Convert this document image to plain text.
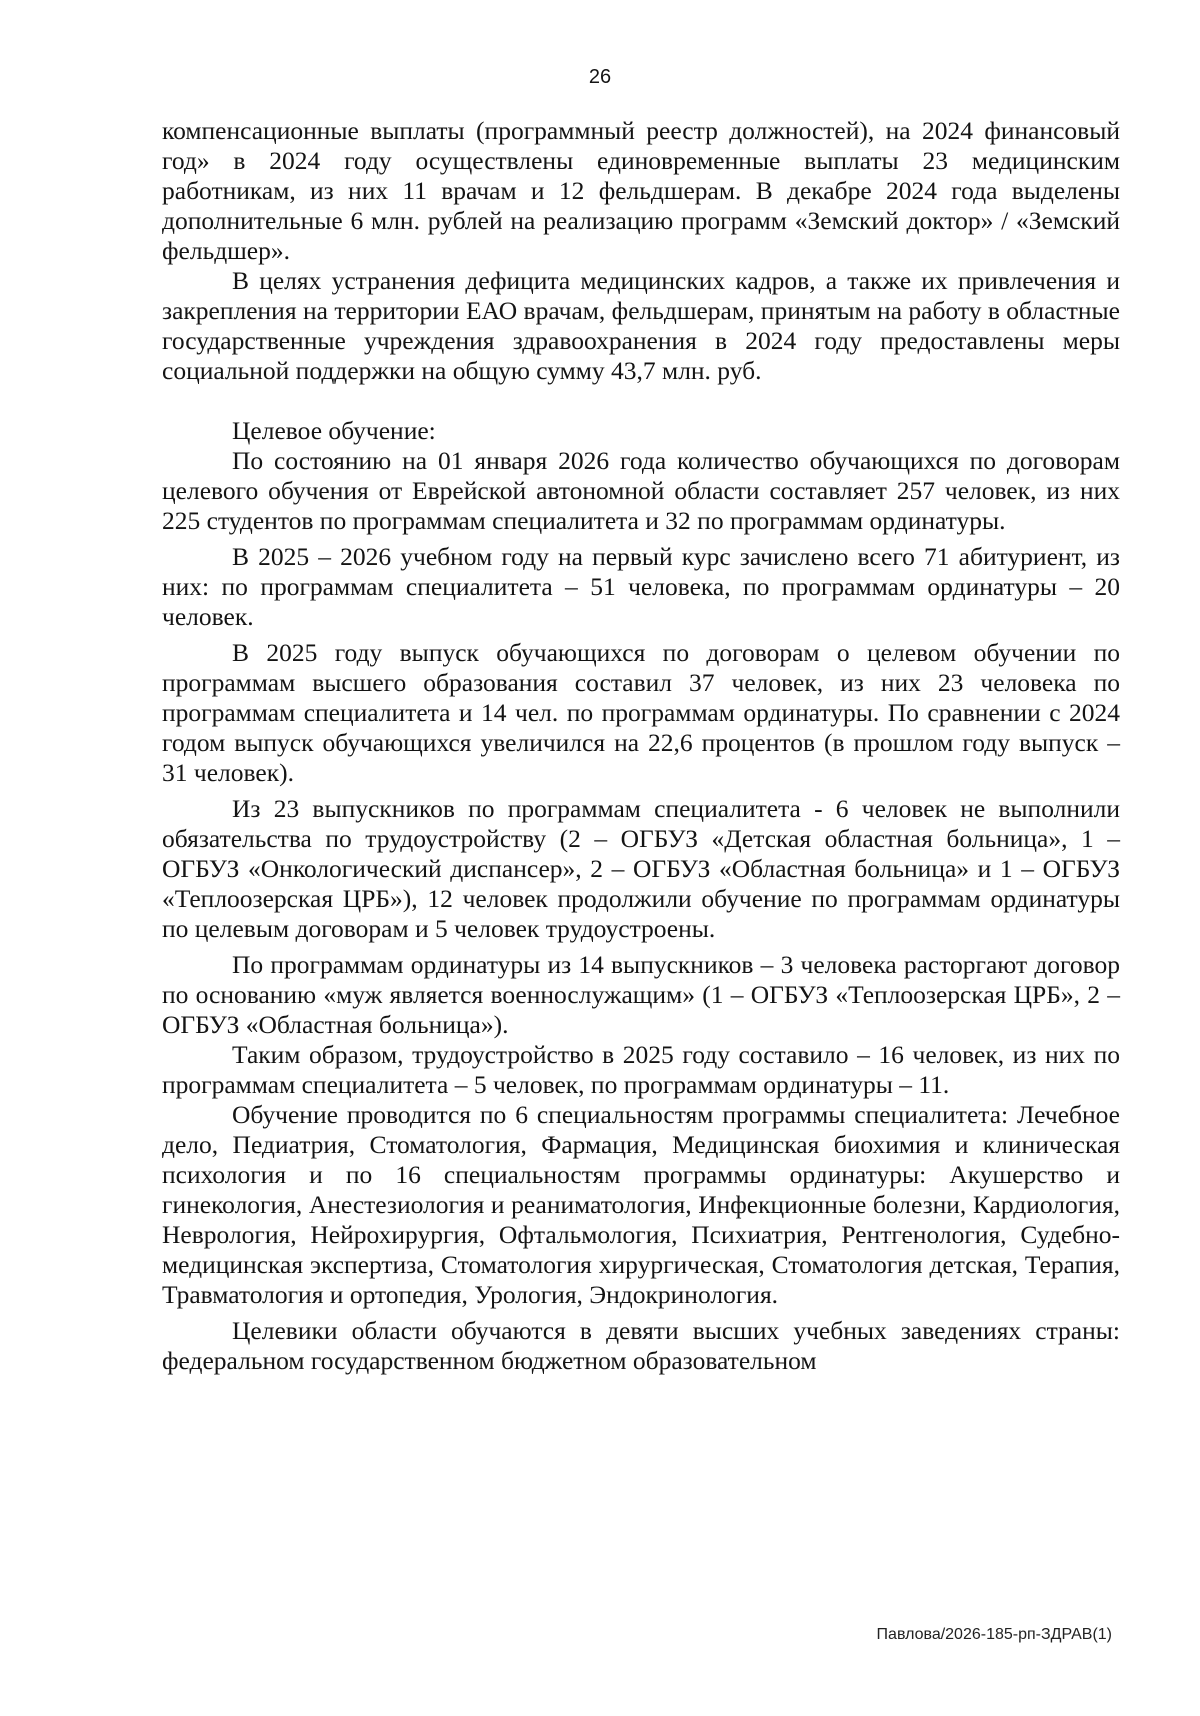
26

компенсационные выплаты (программный реестр должностей), на 2024 финансовый год» в 2024 году осуществлены единовременные выплаты 23 медицинским работникам, из них 11 врачам и 12 фельдшерам. В декабре 2024 года выделены дополнительные 6 млн. рублей на реализацию программ «Земский доктор» / «Земский фельдшер».

В целях устранения дефицита медицинских кадров, а также их привлечения и закрепления на территории ЕАО врачам, фельдшерам, принятым на работу в областные государственные учреждения здравоохранения в 2024 году предоставлены меры социальной поддержки на общую сумму 43,7 млн. руб.

Целевое обучение:

По состоянию на 01 января 2026 года количество обучающихся по договорам целевого обучения от Еврейской автономной области составляет 257 человек, из них 225 студентов по программам специалитета и 32 по программам ординатуры.

В 2025 – 2026 учебном году на первый курс зачислено всего 71 абитуриент, из них: по программам специалитета – 51 человека, по программам ординатуры – 20 человек.

В 2025 году выпуск обучающихся по договорам о целевом обучении по программам высшего образования составил 37 человек, из них 23 человека по программам специалитета и 14 чел. по программам ординатуры. По сравнении с 2024 годом выпуск обучающихся увеличился на 22,6 процентов (в прошлом году выпуск – 31 человек).

Из 23 выпускников по программам специалитета - 6 человек не выполнили обязательства по трудоустройству (2 – ОГБУЗ «Детская областная больница», 1 – ОГБУЗ «Онкологический диспансер», 2 – ОГБУЗ «Областная больница» и 1 – ОГБУЗ «Теплоозерская ЦРБ»), 12 человек продолжили обучение по программам ординатуры по целевым договорам и 5 человек трудоустроены.

По программам ординатуры из 14 выпускников – 3 человека расторгают договор по основанию «муж является военнослужащим» (1 – ОГБУЗ «Теплоозерская ЦРБ», 2 – ОГБУЗ «Областная больница»).

Таким образом, трудоустройство в 2025 году составило – 16 человек, из них по программам специалитета – 5 человек, по программам ординатуры – 11.

Обучение проводится по 6 специальностям программы специалитета: Лечебное дело, Педиатрия, Стоматология, Фармация, Медицинская биохимия и клиническая психология и по 16 специальностям программы ординатуры: Акушерство и гинекология, Анестезиология и реаниматология, Инфекционные болезни, Кардиология, Неврология, Нейрохирургия, Офтальмология, Психиатрия, Рентгенология, Судебно-медицинская экспертиза, Стоматология хирургическая, Стоматология детская, Терапия, Травматология и ортопедия, Урология, Эндокринология.

Целевики области обучаются в девяти высших учебных заведениях страны: федеральном государственном бюджетном образовательном

Павлова/2026-185-рп-ЗДРАВ(1)
